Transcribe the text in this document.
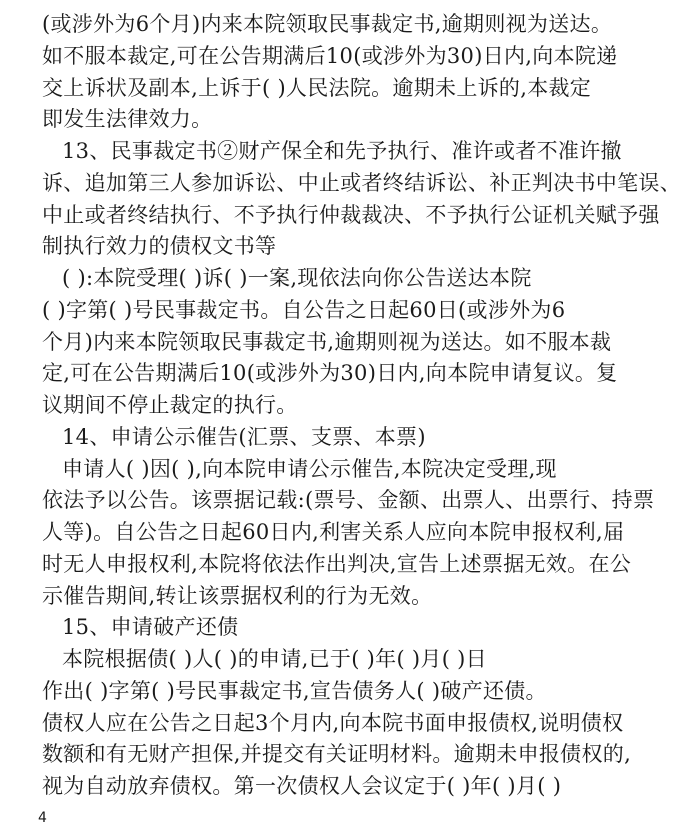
(或涉外为6个月)内来本院领取民事裁定书,逾期则视为送达。
如不服本裁定,可在公告期满后10(或涉外为30)日内,向本院递
交上诉状及副本,上诉于( )人民法院。逾期未上诉的,本裁定
即发生法律效力。
13、民事裁定书②财产保全和先予执行、准许或者不准许撤
诉、追加第三人参加诉讼、中止或者终结诉讼、补正判决书中笔误、
中止或者终结执行、不予执行仲裁裁决、不予执行公证机关赋予强
制执行效力的债权文书等
( ):本院受理( )诉( )一案,现依法向你公告送达本院
( )字第( )号民事裁定书。自公告之日起60日(或涉外为6
个月)内来本院领取民事裁定书,逾期则视为送达。如不服本裁
定,可在公告期满后10(或涉外为30)日内,向本院申请复议。复
议期间不停止裁定的执行。
14、申请公示催告(汇票、支票、本票)
申请人( )因( ),向本院申请公示催告,本院决定受理,现
依法予以公告。该票据记载:(票号、金额、出票人、出票行、持票
人等)。自公告之日起60日内,利害关系人应向本院申报权利,届
时无人申报权利,本院将依法作出判决,宣告上述票据无效。在公
示催告期间,转让该票据权利的行为无效。
15、申请破产还债
本院根据债( )人( )的申请,已于( )年( )月( )日
作出( )字第( )号民事裁定书,宣告债务人( )破产还债。
债权人应在公告之日起3个月内,向本院书面申报债权,说明债权
数额和有无财产担保,并提交有关证明材料。逾期未申报债权的,
视为自动放弃债权。第一次债权人会议定于( )年( )月( )
4
